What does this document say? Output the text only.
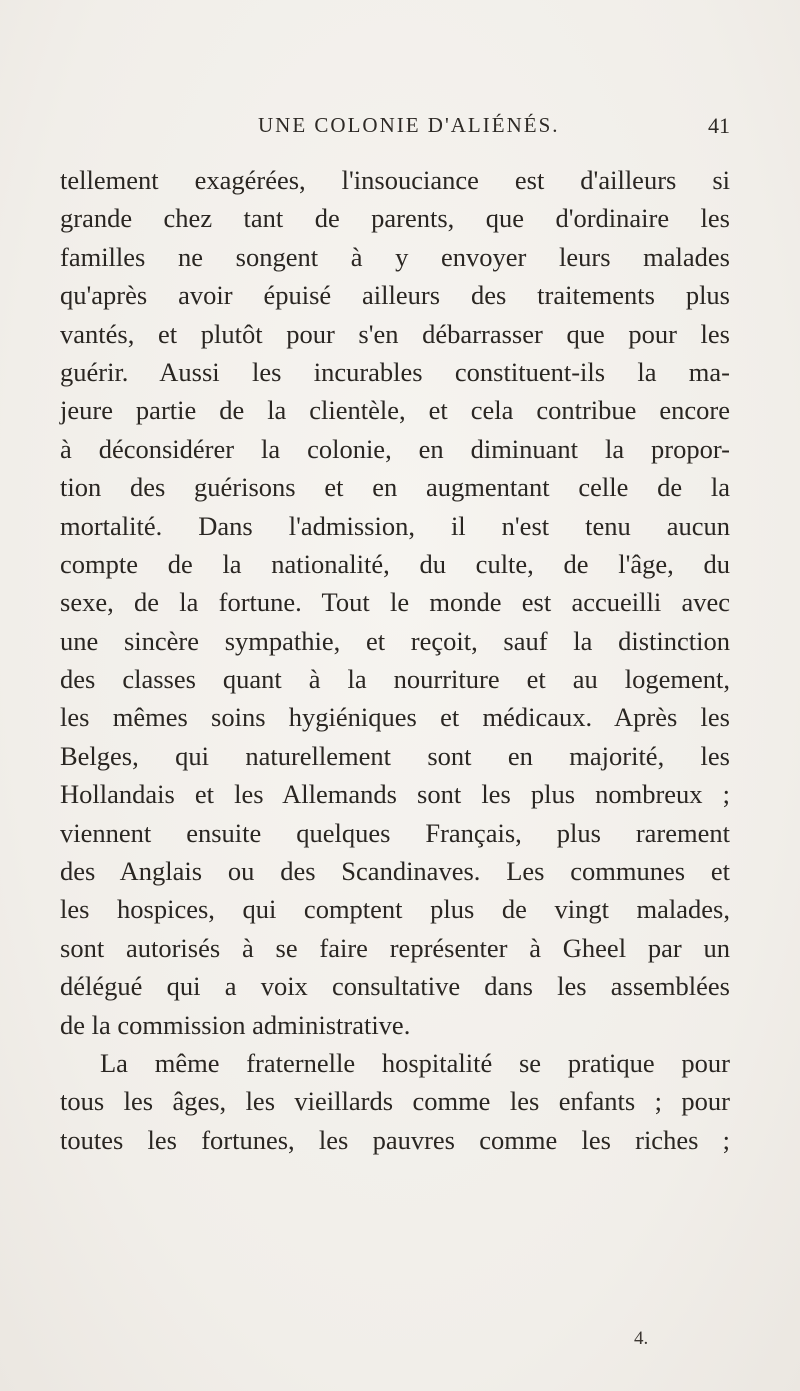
UNE COLONIE D'ALIÉNÉS.	41
tellement exagérées, l'insouciance est d'ailleurs si
grande chez tant de parents, que d'ordinaire les
familles ne songent à y envoyer leurs malades
qu'après avoir épuisé ailleurs des traitements plus
vantés, et plutôt pour s'en débarrasser que pour les
guérir. Aussi les incurables constituent-ils la ma-
jeure partie de la clientèle, et cela contribue encore
à déconsidérer la colonie, en diminuant la propor-
tion des guérisons et en augmentant celle de la
mortalité. Dans l'admission, il n'est tenu aucun
compte de la nationalité, du culte, de l'âge, du
sexe, de la fortune. Tout le monde est accueilli avec
une sincère sympathie, et reçoit, sauf la distinction
des classes quant à la nourriture et au logement,
les mêmes soins hygiéniques et médicaux. Après les
Belges, qui naturellement sont en majorité, les
Hollandais et les Allemands sont les plus nombreux ;
viennent ensuite quelques Français, plus rarement
des Anglais ou des Scandinaves. Les communes et
les hospices, qui comptent plus de vingt malades,
sont autorisés à se faire représenter à Gheel par un
délégué qui a voix consultative dans les assemblées
de la commission administrative.
La même fraternelle hospitalité se pratique pour
tous les âges, les vieillards comme les enfants ; pour
toutes les fortunes, les pauvres comme les riches ;
4.
